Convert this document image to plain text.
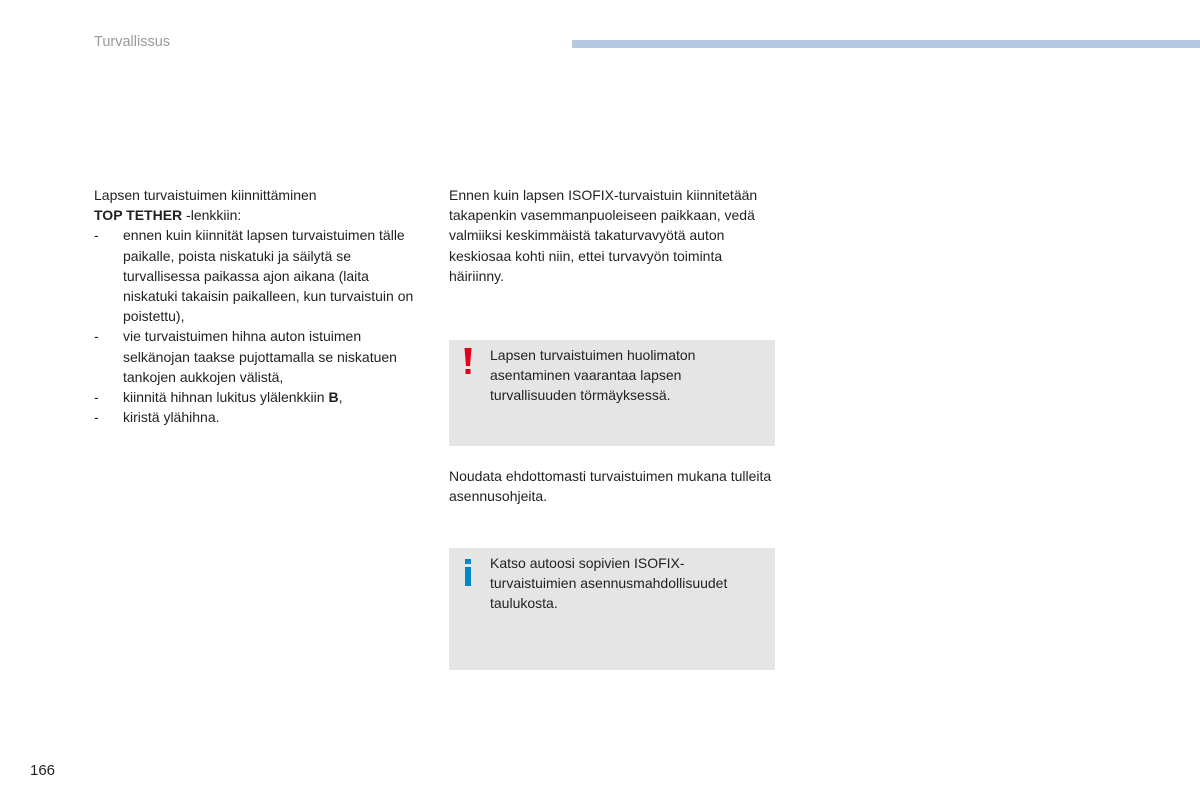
Turvallissus

Lapsen turvaistuimen kiinnittäminen
TOP TETHER -lenkkiin:

- ennen kuin kiinnität lapsen turvaistuimen tälle paikalle, poista niskatuki ja säilytä se turvallisessa paikassa ajon aikana (laita niskatuki takaisin paikalleen, kun turvaistuin on poistettu),
- vie turvaistuimen hihna auton istuimen selkänojan taakse pujottamalla se niskatuen tankojen aukkojen välistä,
- kiinnitä hihnan lukitus ylälenkkiin B,
- kiristä ylähihna.

Ennen kuin lapsen ISOFIX-turvaistuin kiinnitetään takapenkin vasemmanpuoleiseen paikkaan, vedä valmiiksi keskimmäistä takaturvavyötä auton keskiosaa kohti niin, ettei turvavyön toiminta häiriinny.

Lapsen turvaistuimen huolimaton asentaminen vaarantaa lapsen turvallisuuden törmäyksessä.

Noudata ehdottomasti turvaistuimen mukana tulleita asennusohjeita.

Katso autoosi sopivien ISOFIX-turvaistuimien asennusmahdollisuudet taulukosta.
166
